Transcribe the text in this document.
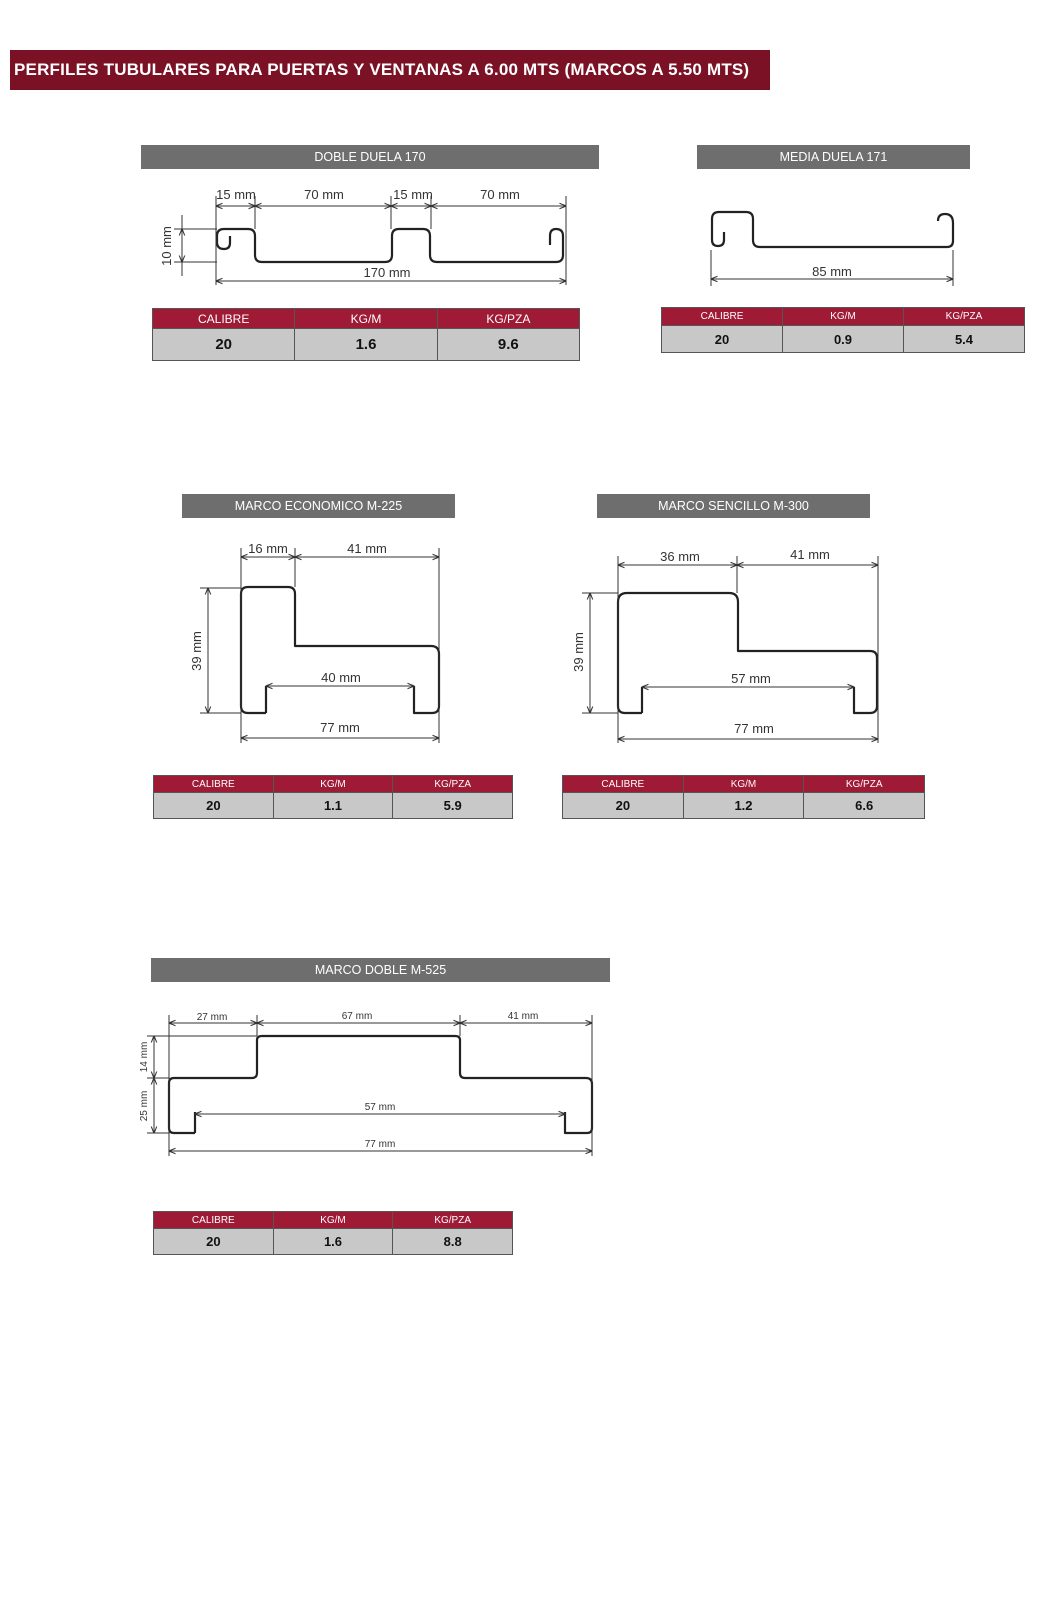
PERFILES TUBULARES PARA PUERTAS Y VENTANAS A 6.00 MTS (MARCOS A 5.50 MTS)
DOBLE DUELA 170
15 mm	70 mm	15 mm	70 mm
10 mm
170 mm
CALIBRE	KG/M	KG/PZA
20	1.6	9.6
MEDIA DUELA 171
85 mm
CALIBRE	KG/M	KG/PZA
20	0.9	5.4
MARCO ECONOMICO M-225
16 mm	41 mm
39 mm
40 mm
77 mm
CALIBRE	KG/M	KG/PZA
20	1.1	5.9
MARCO SENCILLO M-300
36 mm	41 mm
39 mm
57 mm
77 mm
CALIBRE	KG/M	KG/PZA
20	1.2	6.6
MARCO DOBLE M-525
27 mm	67 mm	41 mm
14 mm
25 mm	57 mm
77 mm
CALIBRE	KG/M	KG/PZA
20	1.6	8.8
